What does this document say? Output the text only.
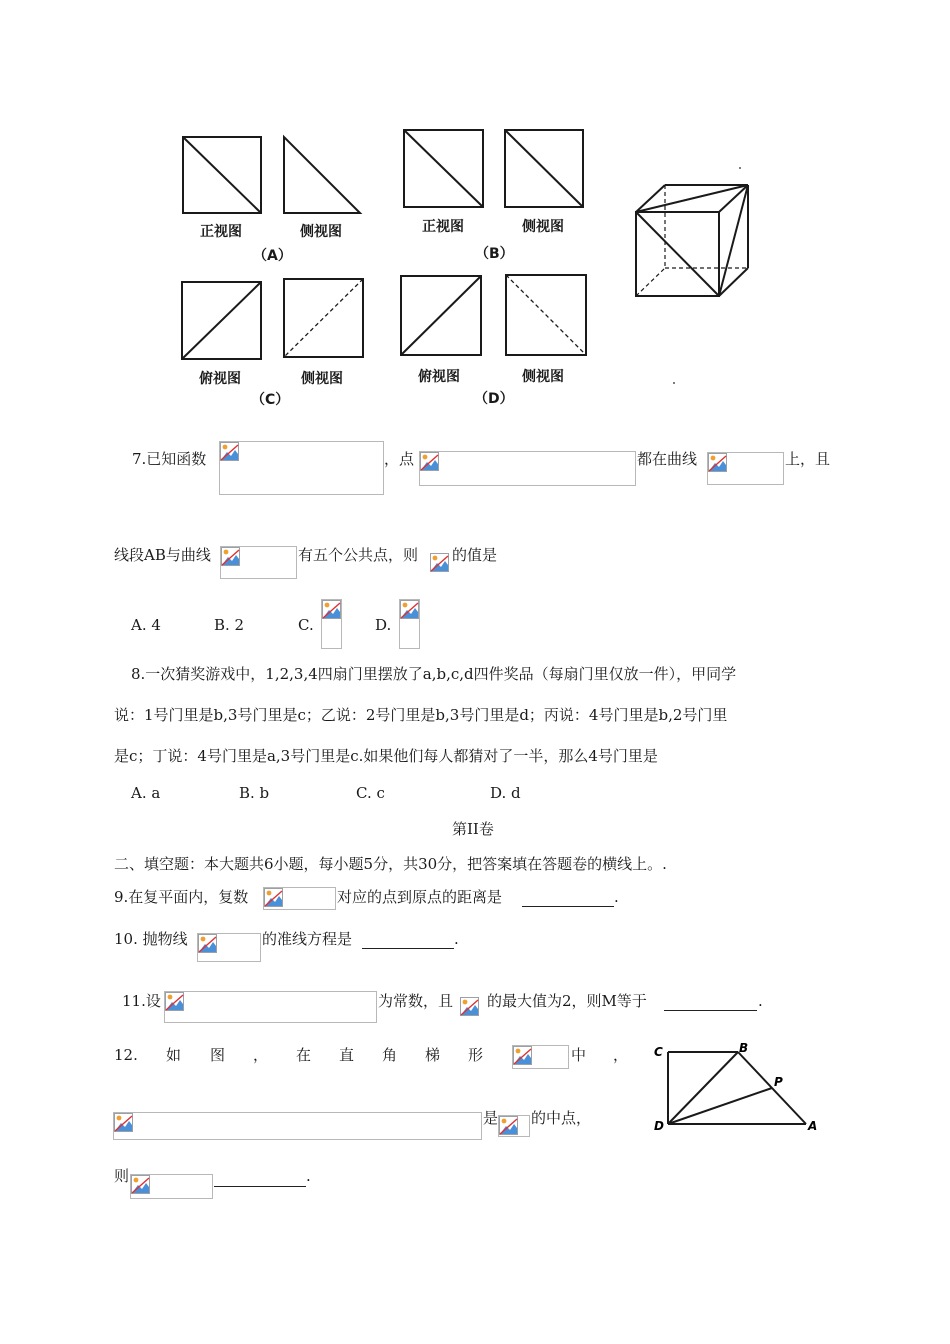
正视图	侧视图
（A）
正视图	侧视图
（B）
俯视图	侧视图
（C）
俯视图	侧视图
（D）
7.已知函数	，点	都在曲线	上，且
线段AB与曲线	有五个公共点，则 的值是
A. 4	B. 2	C.	D.
8.一次猜奖游戏中，1,2,3,4四扇门里摆放了a,b,c,d四件奖品（每扇门里仅放一件），甲同学
说：1号门里是b,3号门里是c；乙说：2号门里是b,3号门里是d；丙说：4号门里是b,2号门里
是c；丁说：4号门里是a,3号门里是c.如果他们每人都猜对了一半，那么4号门里是
A. a	B. b	C. c	D. d
第II卷
二、填空题：本大题共6小题，每小题5分，共30分，把答案填在答题卷的横线上。.
9.在复平面内，复数	对应的点到原点的距离是	.
10. 抛物线	的准线方程是	.
11.设	为常数，且 的最大值为2，则M等于	.
12. 如 图 ， 在 直 角 梯 形	中 ，
是 的中点，
则	.
C	B
P
D	A
